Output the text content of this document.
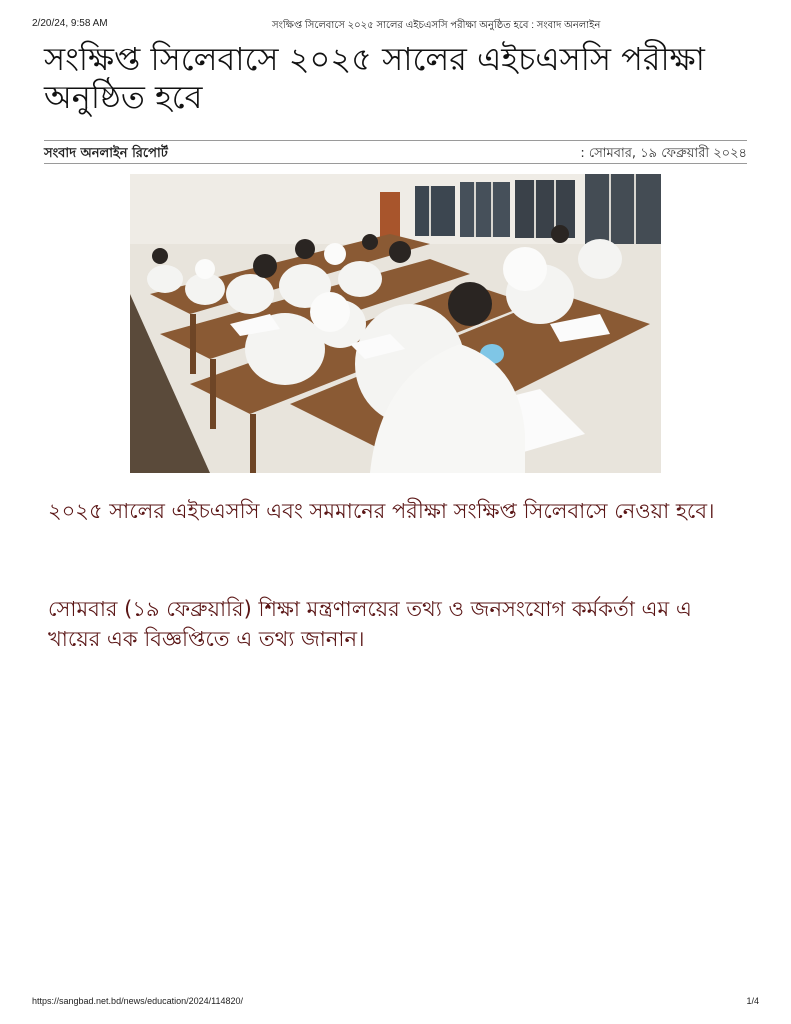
2/20/24, 9:58 AM	সংক্ষিপ্ত সিলেবাসে ২০২৫ সালের এইচএসসি পরীক্ষা অনুষ্ঠিত হবে : সংবাদ অনলাইন
সংক্ষিপ্ত সিলেবাসে ২০২৫ সালের এইচএসসি পরীক্ষা অনুষ্ঠিত হবে
সংবাদ অনলাইন রিপোর্ট	: সোমবার, ১৯ ফেব্রুয়ারী ২০২৪

২০২৫ সালের এইচএসসি এবং সমমানের পরীক্ষা সংক্ষিপ্ত সিলেবাসে নেওয়া হবে।

সোমবার (১৯ ফেব্রুয়ারি) শিক্ষা মন্ত্রণালয়ের তথ্য ও জনসংযোগ কর্মকর্তা এম এ খায়ের এক বিজ্ঞপ্তিতে এ তথ্য জানান।

https://sangbad.net.bd/news/education/2024/114820/	1/4
